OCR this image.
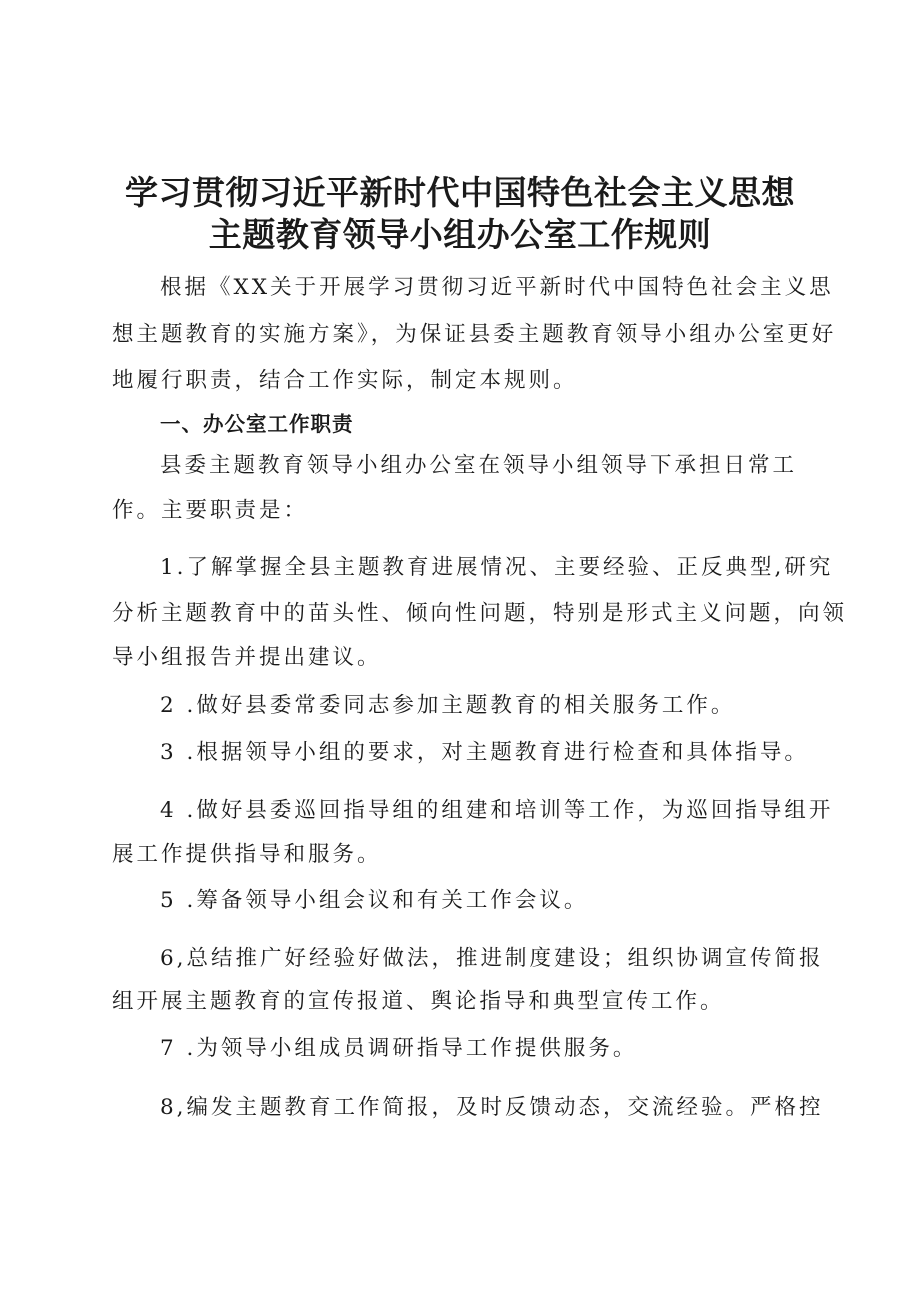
学习贯彻习近平新时代中国特色社会主义思想
主题教育领导小组办公室工作规则
根据《XX关于开展学习贯彻习近平新时代中国特色社会主义思
想主题教育的实施方案》，为保证县委主题教育领导小组办公室更好
地履行职责，结合工作实际，制定本规则。
一、办公室工作职责
县委主题教育领导小组办公室在领导小组领导下承担日常工
作。主要职责是：
1.了解掌握全县主题教育进展情况、主要经验、正反典型,研究
分析主题教育中的苗头性、倾向性问题，特别是形式主义问题，向领
导小组报告并提出建议。
2 .做好县委常委同志参加主题教育的相关服务工作。
3 .根据领导小组的要求，对主题教育进行检查和具体指导。
4 .做好县委巡回指导组的组建和培训等工作，为巡回指导组开
展工作提供指导和服务。
5 .筹备领导小组会议和有关工作会议。
6,总结推广好经验好做法，推进制度建设；组织协调宣传简报
组开展主题教育的宣传报道、舆论指导和典型宣传工作。
7 .为领导小组成员调研指导工作提供服务。
8,编发主题教育工作简报，及时反馈动态，交流经验。严格控
